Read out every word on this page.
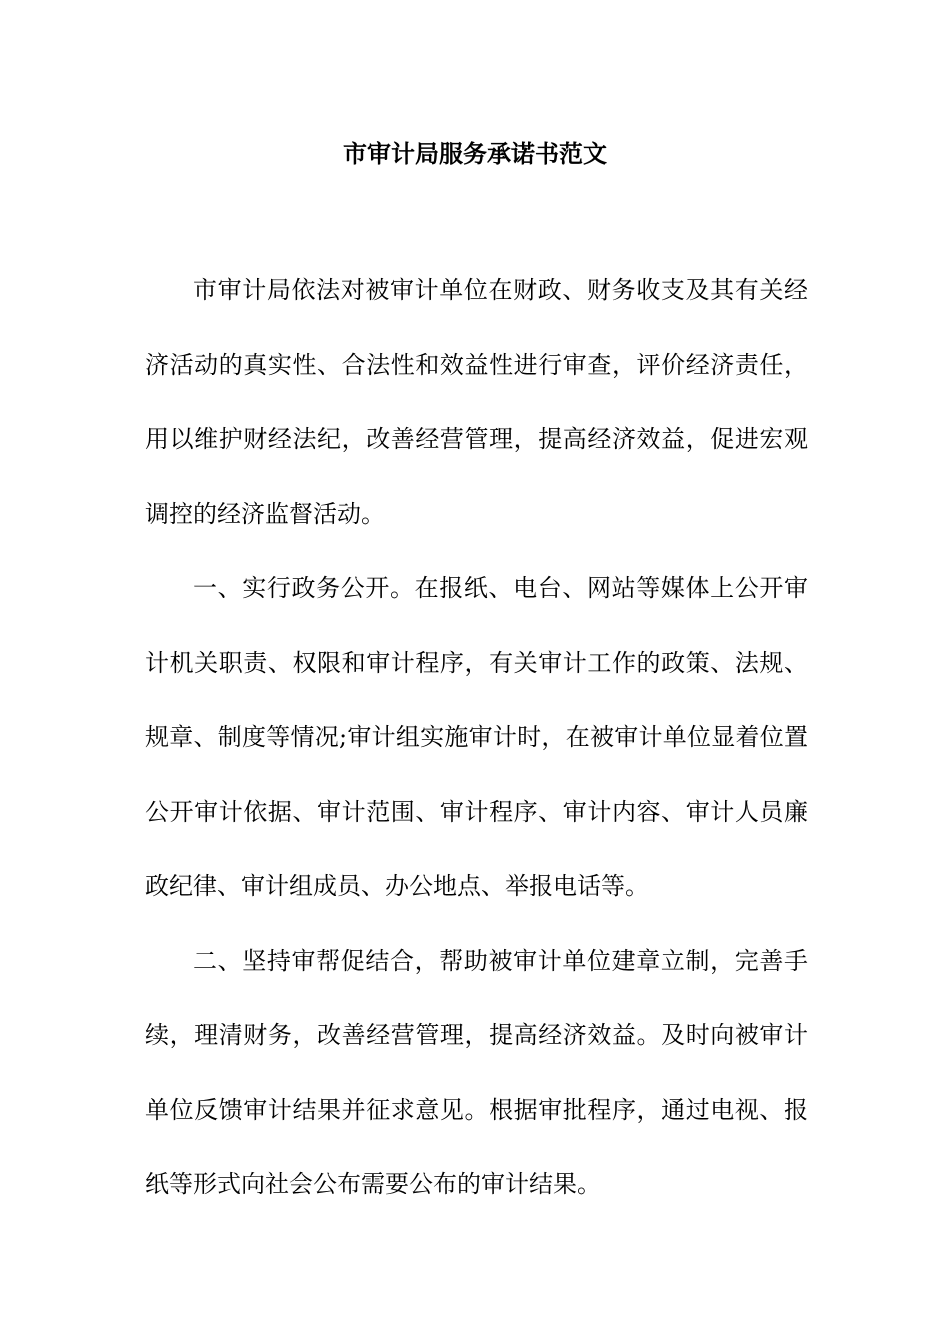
市审计局服务承诺书范文

市审计局依法对被审计单位在财政、财务收支及其有关经济活动的真实性、合法性和效益性进行审查，评价经济责任，用以维护财经法纪，改善经营管理，提高经济效益，促进宏观调控的经济监督活动。

一、实行政务公开。在报纸、电台、网站等媒体上公开审计机关职责、权限和审计程序，有关审计工作的政策、法规、规章、制度等情况;审计组实施审计时，在被审计单位显着位置公开审计依据、审计范围、审计程序、审计内容、审计人员廉政纪律、审计组成员、办公地点、举报电话等。

二、坚持审帮促结合，帮助被审计单位建章立制，完善手续，理清财务，改善经营管理，提高经济效益。及时向被审计单位反馈审计结果并征求意见。根据审批程序，通过电视、报纸等形式向社会公布需要公布的审计结果。
